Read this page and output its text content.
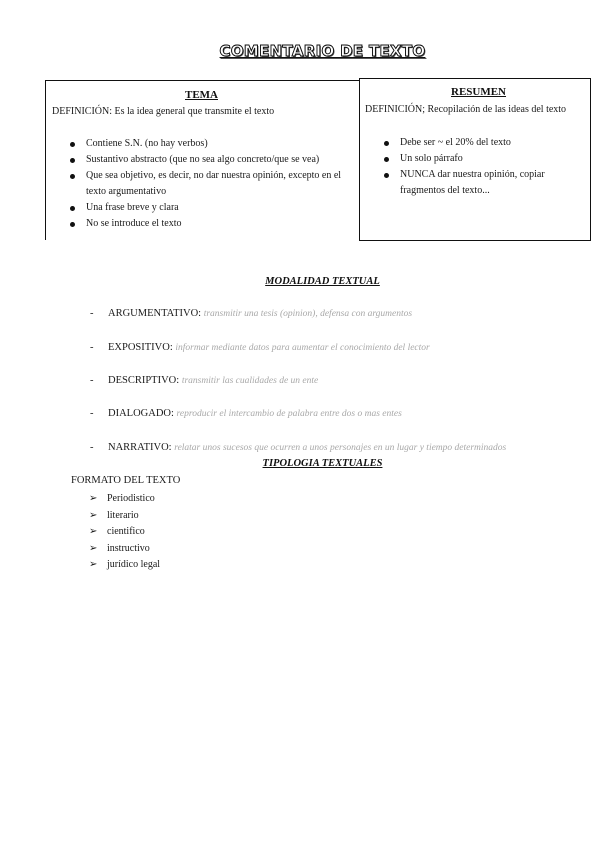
COMENTARIO DE TEXTO
TEMA
DEFINICIÓN: Es la idea general que transmite el texto
Contiene S.N. (no hay verbos)
Sustantivo abstracto (que no sea algo concreto/que se vea)
Que sea objetivo, es decir, no dar nuestra opinión, excepto en el texto argumentativo
Una frase breve y clara
No se introduce el texto
RESUMEN
DEFINICIÓN; Recopilación de las ideas del texto
Debe ser ~ el 20% del texto
Un solo párrafo
NUNCA dar nuestra opinión, copiar fragmentos del texto...
MODALIDAD TEXTUAL
- ARGUMENTATIVO: transmitir una tesis (opinion), defensa con argumentos
- EXPOSITIVO: informar mediante datos para aumentar el conocimiento del lector
- DESCRIPTIVO: transmitir las cualidades de un ente
- DIALOGADO: reproducir el intercambio de palabra entre dos o mas entes
- NARRATIVO: relatar unos sucesos que ocurren a unos personajes en un lugar y tiempo determinados
TIPOLOGIA TEXTUALES
FORMATO DEL TEXTO
➢ Periodistico
➢ literario
➢ cientifico
➢ instructivo
➢ jurídico legal
